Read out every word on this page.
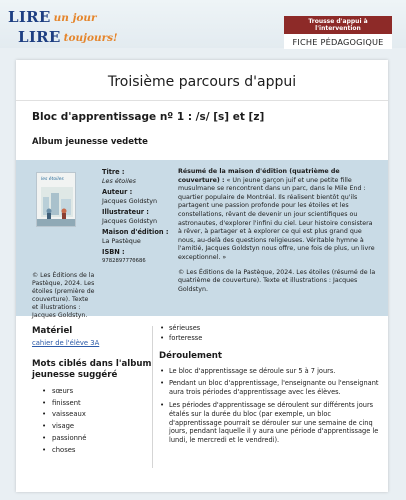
LIRE un jour
LIRE toujours!
Trousse d'appui à l'intervention
FICHE PÉDAGOGIQUE
Troisième parcours d'appui
Bloc d'apprentissage nº 1 : /s/ [s] et [z]
Album jeunesse vedette
les étoiles
© Les Éditions de la Pastèque, 2024. Les étoiles (première de couverture). Texte et illustrations : Jacques Goldstyn.
Titre :
Les étoiles
Auteur :
Jacques Goldstyn
Illustrateur :
Jacques Goldstyn
Maison d'édition :
La Pastèque
ISBN :
9782897770686
Résumé de la maison d'édition (quatrième de couverture) : « Un jeune garçon juif et une petite fille musulmane se rencontrent dans un parc, dans le Mile End : quartier populaire de Montréal. Ils réalisent bientôt qu'ils partagent une passion profonde pour les étoiles et les constellations, rêvant de devenir un jour scientifiques ou astronautes, d'explorer l'infini du ciel. Leur histoire consistera à rêver, à partager et à explorer ce qui est plus grand que nous, au-delà des questions religieuses. Véritable hymne à l'amitié, Jacques Goldstyn nous offre, une fois de plus, un livre exceptionnel. »
© Les Éditions de la Pastèque, 2024. Les étoiles (résumé de la quatrième de couverture). Texte et illustrations : Jacques Goldstyn.
Matériel
cahier de l'élève 3A
Mots ciblés dans l'album jeunesse suggéré
• sœurs
• finissent
• vaisseaux
• visage
• passionné
• choses
• sérieuses
• forteresse
Déroulement
• Le bloc d'apprentissage se déroule sur 5 à 7 jours.
• Pendant un bloc d'apprentissage, l'enseignante ou l'enseignant aura trois périodes d'apprentissage avec les élèves.
• Les périodes d'apprentissage se déroulent sur différents jours étalés sur la durée du bloc (par exemple, un bloc d'apprentissage pourrait se dérouler sur une semaine de cinq jours, pendant laquelle il y aura une période d'apprentissage le lundi, le mercredi et le vendredi).
